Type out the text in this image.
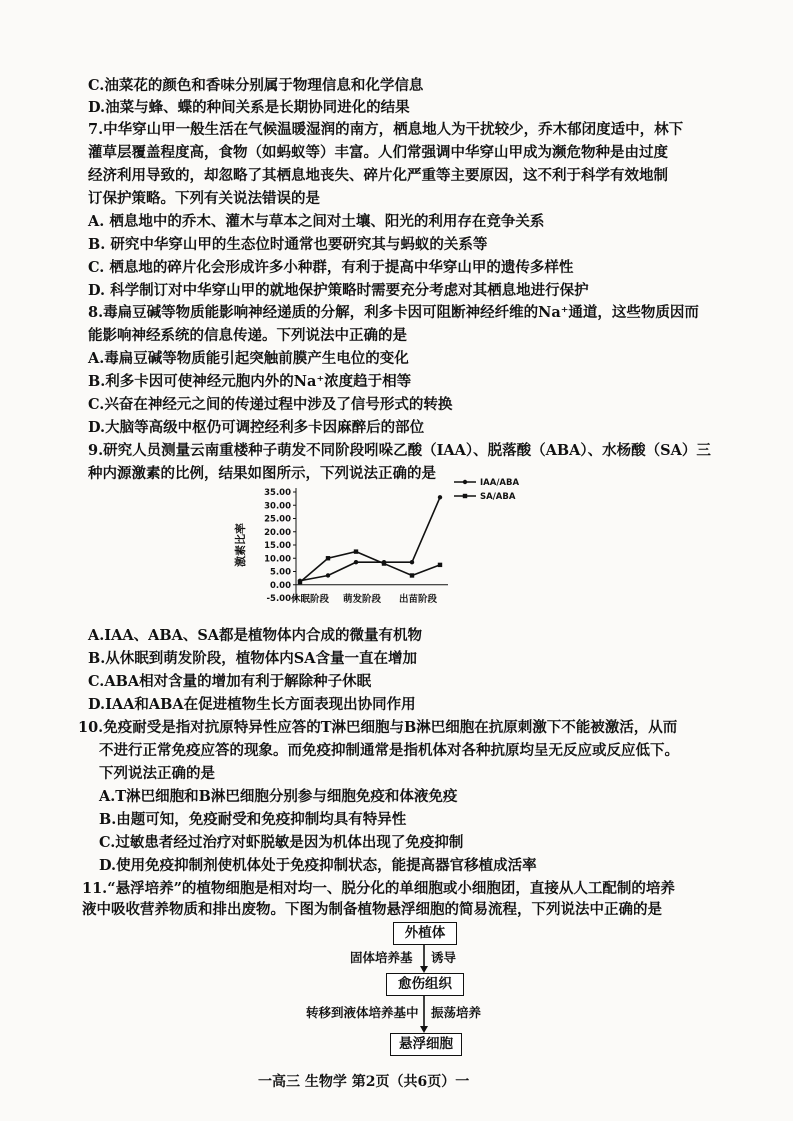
C.油菜花的颜色和香味分别属于物理信息和化学信息
D.油菜与蜂、蝶的种间关系是长期协同进化的结果
7.中华穿山甲一般生活在气候温暖湿润的南方，栖息地人为干扰较少，乔木郁闭度适中，林下
灌草层覆盖程度高，食物（如蚂蚁等）丰富。人们常强调中华穿山甲成为濒危物种是由过度
经济利用导致的，却忽略了其栖息地丧失、碎片化严重等主要原因，这不利于科学有效地制
订保护策略。下列有关说法错误的是
A. 栖息地中的乔木、灌木与草本之间对土壤、阳光的利用存在竞争关系
B. 研究中华穿山甲的生态位时通常也要研究其与蚂蚁的关系等
C. 栖息地的碎片化会形成许多小种群，有利于提高中华穿山甲的遗传多样性
D. 科学制订对中华穿山甲的就地保护策略时需要充分考虑对其栖息地进行保护
8.毒扁豆碱等物质能影响神经递质的分解，利多卡因可阻断神经纤维的Na⁺通道，这些物质因而
能影响神经系统的信息传递。下列说法中正确的是
A.毒扁豆碱等物质能引起突触前膜产生电位的变化
B.利多卡因可使神经元胞内外的Na⁺浓度趋于相等
C.兴奋在神经元之间的传递过程中涉及了信号形式的转换
D.大脑等高级中枢仍可调控经利多卡因麻醉后的部位
9.研究人员测量云南重楼种子萌发不同阶段吲哚乙酸（IAA）、脱落酸（ABA）、水杨酸（SA）三
种内源激素的比例，结果如图所示，下列说法正确的是
激素比率
35.00
30.00
25.00
20.00
15.00
10.00
5.00
0.00
-5.00 休眠阶段 萌发阶段 出苗阶段
IAA/ABA
SA/ABA
A.IAA、ABA、SA都是植物体内合成的微量有机物
B.从休眠到萌发阶段，植物体内SA含量一直在增加
C.ABA相对含量的增加有利于解除种子休眠
D.IAA和ABA在促进植物生长方面表现出协同作用
10.免疫耐受是指对抗原特异性应答的T淋巴细胞与B淋巴细胞在抗原刺激下不能被激活，从而
不进行正常免疫应答的现象。而免疫抑制通常是指机体对各种抗原均呈无反应或反应低下。
下列说法正确的是
A.T淋巴细胞和B淋巴细胞分别参与细胞免疫和体液免疫
B.由题可知，免疫耐受和免疫抑制均具有特异性
C.过敏患者经过治疗对虾脱敏是因为机体出现了免疫抑制
D.使用免疫抑制剂使机体处于免疫抑制状态，能提高器官移植成活率
11.“悬浮培养”的植物细胞是相对均一、脱分化的单细胞或小细胞团，直接从人工配制的培养
液中吸收营养物质和排出废物。下图为制备植物悬浮细胞的简易流程，下列说法中正确的是
外植体
固体培养基 诱导
愈伤组织
转移到液体培养基中 振荡培养
悬浮细胞
一高三 生物学 第2页（共6页）一
